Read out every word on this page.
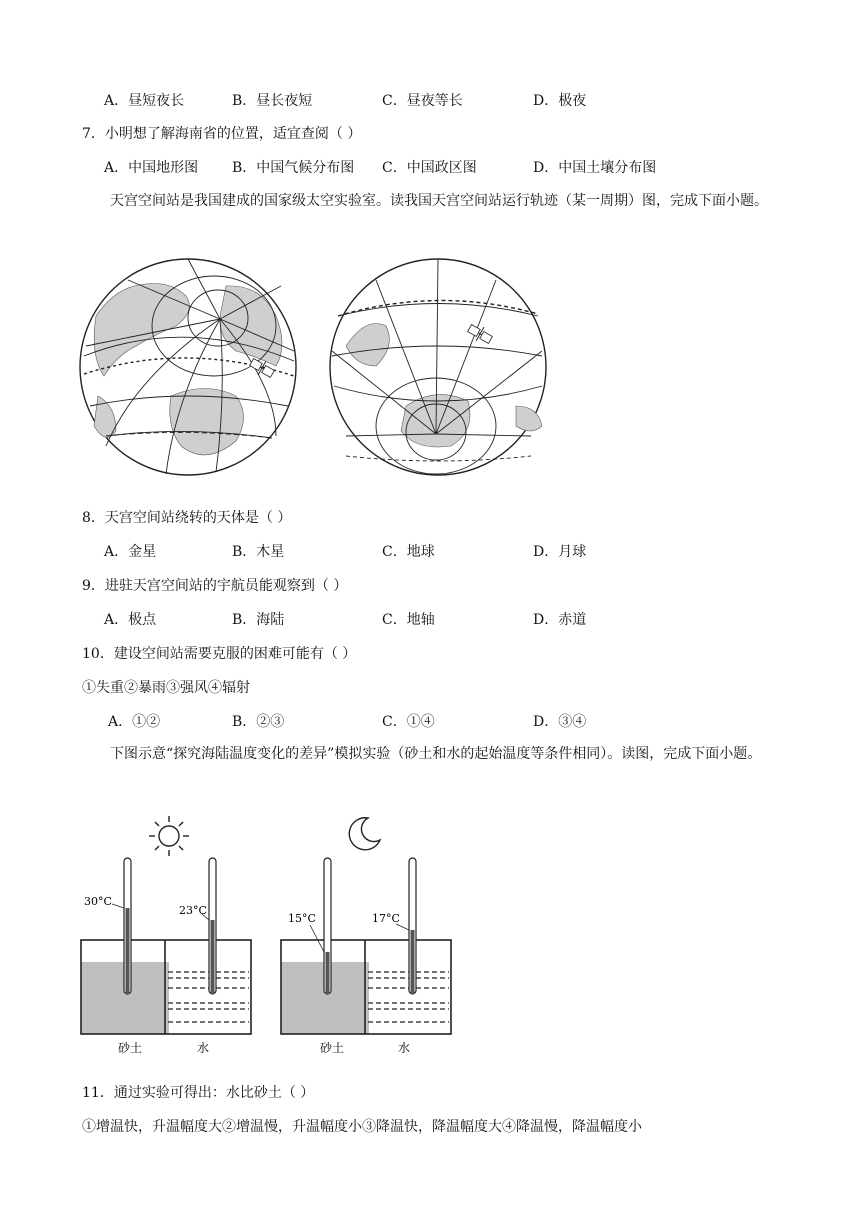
A．昼短夜长	B．昼长夜短	C．昼夜等长	D．极夜
7．小明想了解海南省的位置，适宜查阅（ ）
A．中国地形图 B．中国气候分布图 C．中国政区图	D．中国土壤分布图
天宫空间站是我国建成的国家级太空实验室。读我国天宫空间站运行轨迹（某一周期）图，完成下面小题。
8．天宫空间站绕转的天体是（ ）
A．金星	B．木星	C．地球	D．月球
9．进驻天宫空间站的宇航员能观察到（ ）
A．极点	B．海陆	C．地轴	D．赤道
10．建设空间站需要克服的困难可能有（ ）
①失重②暴雨③强风④辐射
A．①②	B．②③	C．①④	D．③④
下图示意“探究海陆温度变化的差异”模拟实验（砂土和水的起始温度等条件相同）。读图，完成下面小题。
30°C
23°C
砂土	水
15°C	17°C
砂土	水
11．通过实验可得出：水比砂土（ ）
①增温快，升温幅度大②增温慢，升温幅度小③降温快，降温幅度大④降温慢，降温幅度小
